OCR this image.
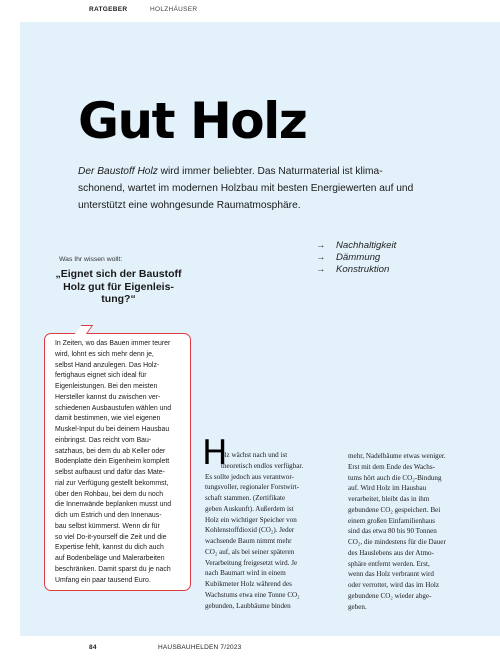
RATGEBER	HOLZHÄUSER
Gut Holz

Der Baustoff Holz wird immer beliebter. Das Naturmaterial ist klimaschonend, wartet im modernen Holzbau mit besten Energiewerten auf und unterstützt eine wohngesunde Raumatmosphäre.

Was Ihr wissen wollt:
„Eignet sich der Baustoff
Holz gut für Eigenleis-
tung?“
→ Nachhaltigkeit
→ Dämmung
→ Konstruktion
In Zeiten, wo das Bauen immer teurer
wird, lohnt es sich mehr denn je,
selbst Hand anzulegen. Das Holz-
fertighaus eignet sich ideal für
Eigenleistungen. Bei den meisten
Hersteller kannst du zwischen ver-
schiedenen Ausbaustufen wählen und
damit bestimmen, wie viel eigenen
Muskel-Input du bei deinem Hausbau
einbringst. Das reicht vom Bau-
satzhaus, bei dem du ab Keller oder
Bodenplatte dein Eigenheim komplett
selbst aufbaust und dafür das Mate-
rial zur Verfügung gestellt bekommst,
über den Rohbau, bei dem du noch
die Innenwände beplanken musst und
dich um Estrich und den Innenaus-
bau selbst kümmerst. Wenn dir für
so viel Do-it-yourself die Zeit und die
Expertise fehlt, kannst du dich auch
auf Bodenbeläge und Malerarbeiten
beschränken. Damit sparst du je nach
Umfang ein paar tausend Euro.
H
olz wächst nach und ist
theoretisch endlos verfügbar.
Es sollte jedoch aus verantwor-
tungsvoller, regionaler Forstwirt-
schaft stammen. (Zertifikate
geben Auskunft). Außerdem ist
Holz ein wichtiger Speicher von
Kohlenstoffdioxid (CO₂). Jeder
wachsende Baum nimmt mehr
CO₂ auf, als bei seiner späteren
Verarbeitung freigesetzt wird. Je
nach Baumart wird in einem
Kubikmeter Holz während des
Wachstums etwa eine Tonne CO₂
gebunden, Laubbäume binden
mehr, Nadelbäume etwas weniger.
Erst mit dem Ende des Wachs-
tums hört auch die CO₂-Bindung
auf. Wird Holz im Hausbau
verarbeitet, bleibt das in ihm
gebundene CO₂ gespeichert. Bei
einem großen Einfamilienhaus
sind das etwa 80 bis 90 Tonnen
CO₂, die mindestens für die Dauer
des Hauslebens aus der Atmo-
sphäre entfernt werden. Erst,
wenn das Holz verbrannt wird
oder verrottet, wird das im Holz
gebundene CO₂ wieder abge-
geben.
84	HAUSBAUHELDEN 7/2023
